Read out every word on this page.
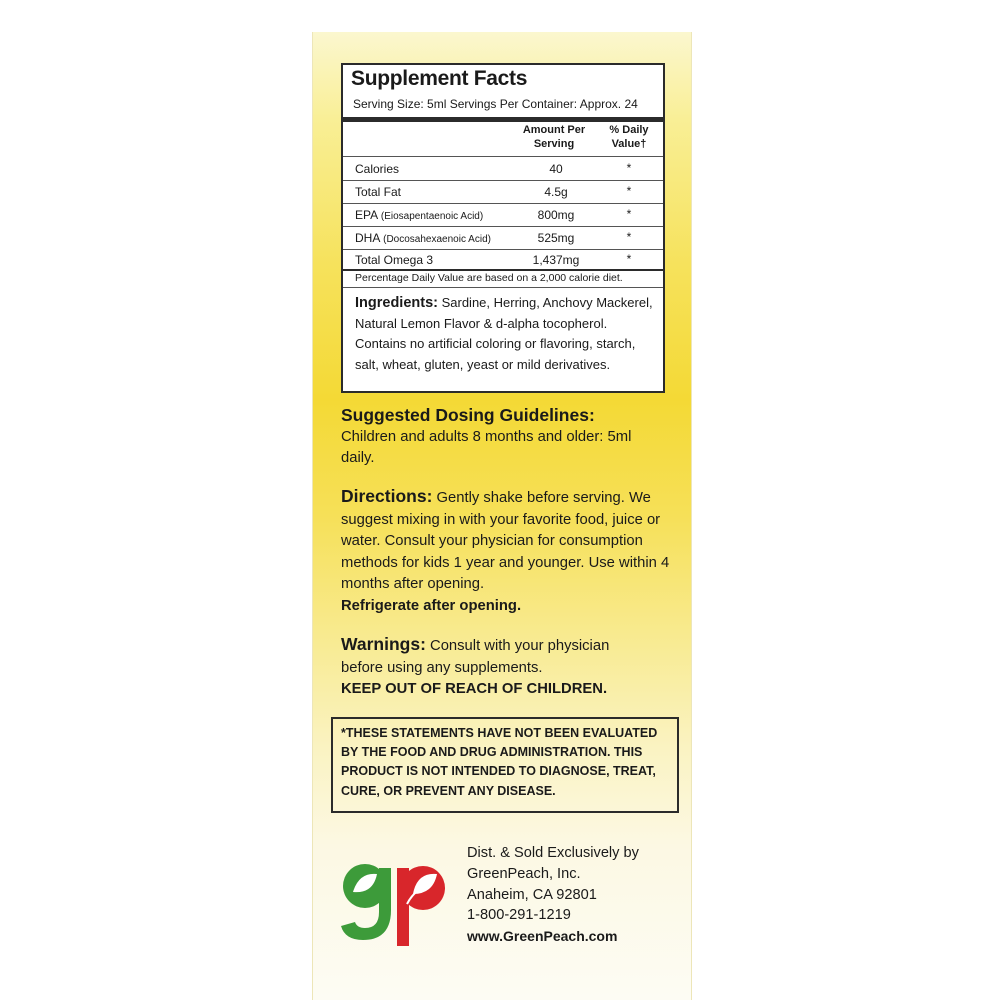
Supplement Facts
Serving Size: 5ml Servings Per Container: Approx. 24
Amount Per Serving
% Daily Value†
Calories	40	*
Total Fat	4.5g	*
EPA (Eiosapentaenoic Acid)	800mg	*
DHA (Docosahexaenoic Acid)	525mg	*
Total Omega 3	1,437mg	*
Percentage Daily Value are based on a 2,000 calorie diet.
Ingredients: Sardine, Herring, Anchovy Mackerel, Natural Lemon Flavor & d-alpha tocopherol. Contains no artificial coloring or flavoring, starch, salt, wheat, gluten, yeast or mild derivatives.
Suggested Dosing Guidelines:
Children and adults 8 months and older: 5ml daily.
Directions: Gently shake before serving. We suggest mixing in with your favorite food, juice or water. Consult your physician for consumption methods for kids 1 year and younger. Use within 4 months after opening.
Refrigerate after opening.
Warnings: Consult with your physician before using any supplements.
KEEP OUT OF REACH OF CHILDREN.
*THESE STATEMENTS HAVE NOT BEEN EVALUATED BY THE FOOD AND DRUG ADMINISTRATION. THIS PRODUCT IS NOT INTENDED TO DIAGNOSE, TREAT, CURE, OR PREVENT ANY DISEASE.
Dist. & Sold Exclusively by
GreenPeach, Inc.
Anaheim, CA 92801
1-800-291-1219
www.GreenPeach.com
